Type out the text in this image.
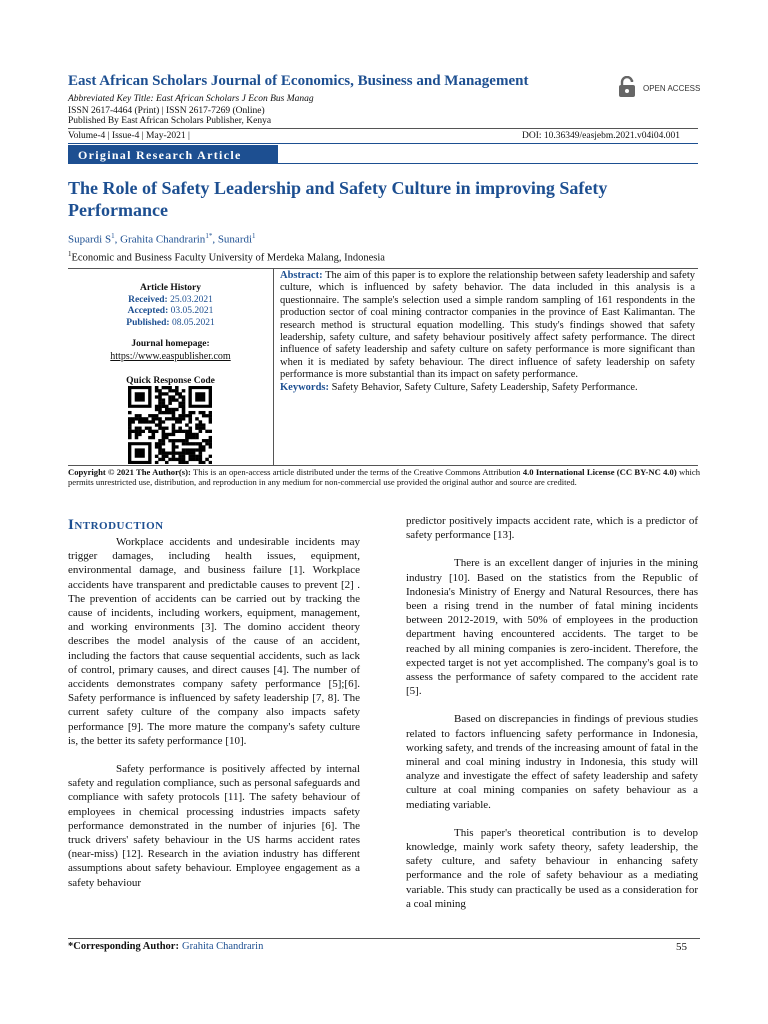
East African Scholars Journal of Economics, Business and Management
Abbreviated Key Title: East African Scholars J Econ Bus Manag
ISSN 2617-4464 (Print) | ISSN 2617-7269 (Online)
Published By East African Scholars Publisher, Kenya
OPEN ACCESS
Volume-4 | Issue-4 | May-2021 |	DOI: 10.36349/easjebm.2021.v04i04.001
Original Research Article
The Role of Safety Leadership and Safety Culture in improving Safety Performance
Supardi $S^1$, Grahita Chandrarin$^{1*}$, Sunardi$^1$
$^1$Economic and Business Faculty University of Merdeka Malang, Indonesia
Article History
Received: 25.03.2021
Accepted: 03.05.2021
Published: 08.05.2021
Journal homepage:
https://www.easpublisher.com
Quick Response Code
Abstract: The aim of this paper is to explore the relationship between safety leadership and safety culture, which is influenced by safety behavior. The data included in this analysis is a questionnaire. The sample's selection used a simple random sampling of 161 respondents in the production sector of coal mining contractor companies in the province of East Kalimantan. The research method is structural equation modelling. This study's findings showed that safety leadership, safety culture, and safety behaviour positively affect safety performance. The direct influence of safety leadership and safety culture on safety performance is more significant than when it is mediated by safety behaviour. The direct influence of safety leadership on safety performance is more substantial than its impact on safety performance.
Keywords: Safety Behavior, Safety Culture, Safety Leadership, Safety Performance.
Copyright © 2021 The Author(s): This is an open-access article distributed under the terms of the Creative Commons Attribution 4.0 International License (CC BY-NC 4.0) which permits unrestricted use, distribution, and reproduction in any medium for non-commercial use provided the original author and source are credited.
Introduction

Workplace accidents and undesirable incidents may trigger damages, including health issues, equipment, environmental damage, and business failure [1]. Workplace accidents have transparent and predictable causes to prevent [2] . The prevention of accidents can be carried out by tracking the cause of incidents, including workers, equipment, management, and working environments [3]. The domino accident theory describes the model analysis of the cause of an accident, including the factors that cause sequential accidents, such as lack of control, primary causes, and direct causes [4]. The number of accidents demonstrates company safety performance [5];[6]. Safety performance is influenced by safety leadership [7, 8]. The current safety culture of the company also impacts safety performance [9]. The more mature the company's safety culture is, the better its safety performance [10].

Safety performance is positively affected by internal safety and regulation compliance, such as personal safeguards and compliance with safety protocols [11]. The safety behaviour of employees in chemical processing industries impacts safety performance demonstrated in the number of injuries [6]. The truck drivers' safety behaviour in the US harms accident rates (near-miss) [12]. Research in the aviation industry has different assumptions about safety behaviour. Employee engagement as a safety behaviour

predictor positively impacts accident rate, which is a predictor of safety performance [13].

There is an excellent danger of injuries in the mining industry [10]. Based on the statistics from the Republic of Indonesia's Ministry of Energy and Natural Resources, there has been a rising trend in the number of fatal mining incidents between 2012-2019, with 50% of employees in the production department having encountered accidents. The target to be reached by all mining companies is zero-incident. Therefore, the expected target is not yet accomplished. The company's goal is to assess the performance of safety compared to the accident rate [5].

Based on discrepancies in findings of previous studies related to factors influencing safety performance in Indonesia, working safety, and trends of the increasing amount of fatal in the mineral and coal mining industry in Indonesia, this study will analyze and investigate the effect of safety leadership and safety culture at coal mining companies on safety behaviour as a mediating variable.

This paper's theoretical contribution is to develop knowledge, mainly work safety theory, safety leadership, the safety culture, and safety behaviour in enhancing safety performance and the role of safety behaviour as a mediating variable. This study can practically be used as a consideration for a coal mining

*Corresponding Author: Grahita Chandrarin	55
